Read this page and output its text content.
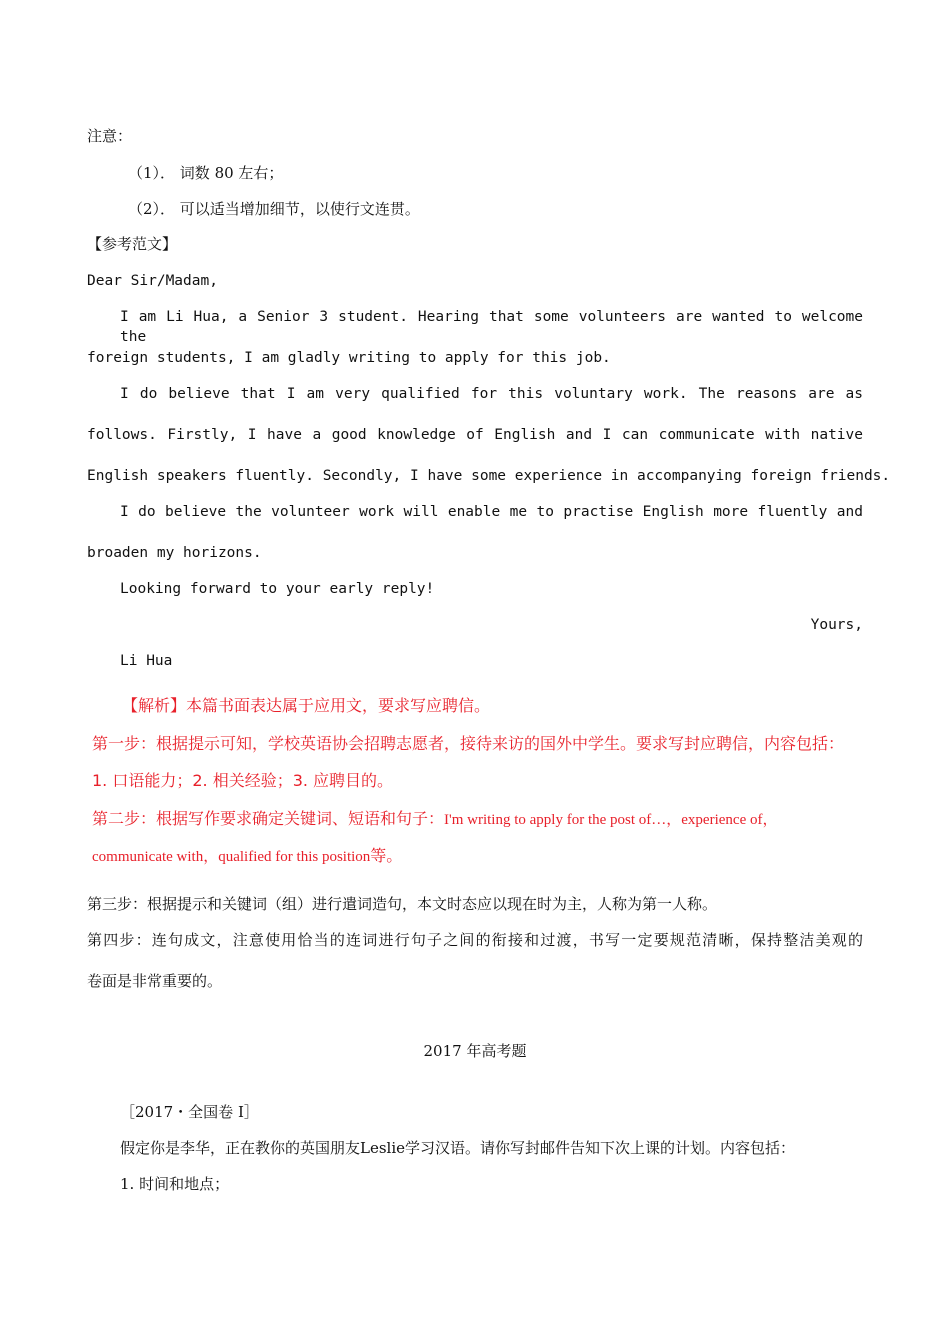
注意：
（1）． 词数 80 左右；
（2）． 可以适当增加细节，以使行文连贯。
【参考范文】
Dear Sir/Madam,
I am Li Hua, a Senior 3 student. Hearing that some volunteers are wanted to welcome the
foreign students, I am gladly writing to apply for this job.
I do believe that I am very qualified for this voluntary work. The reasons are as
follows. Firstly, I have a good knowledge of English and I can communicate with native
English speakers fluently. Secondly, I have some experience in accompanying foreign friends.
I do believe the volunteer work will enable me to practise English more fluently and
broaden my horizons.
Looking forward to your early reply!
Yours,
Li Hua
【解析】本篇书面表达属于应用文，要求写应聘信。
第一步：根据提示可知，学校英语协会招聘志愿者，接待来访的国外中学生。要求写封应聘信，内容包括：
1. 口语能力；2. 相关经验；3. 应聘目的。
第二步：根据写作要求确定关键词、短语和句子：I'm writing to apply for the post of…，experience of，
communicate with，qualified for this position等。
第三步：根据提示和关键词（组）进行遣词造句，本文时态应以现在时为主，人称为第一人称。
第四步：连句成文，注意使用恰当的连词进行句子之间的衔接和过渡，书写一定要规范清晰，保持整洁美观的
卷面是非常重要的。
2017 年高考题
［2017・全国卷 I］
假定你是李华，正在教你的英国朋友Leslie学习汉语。请你写封邮件告知下次上课的计划。内容包括：
1. 时间和地点；
